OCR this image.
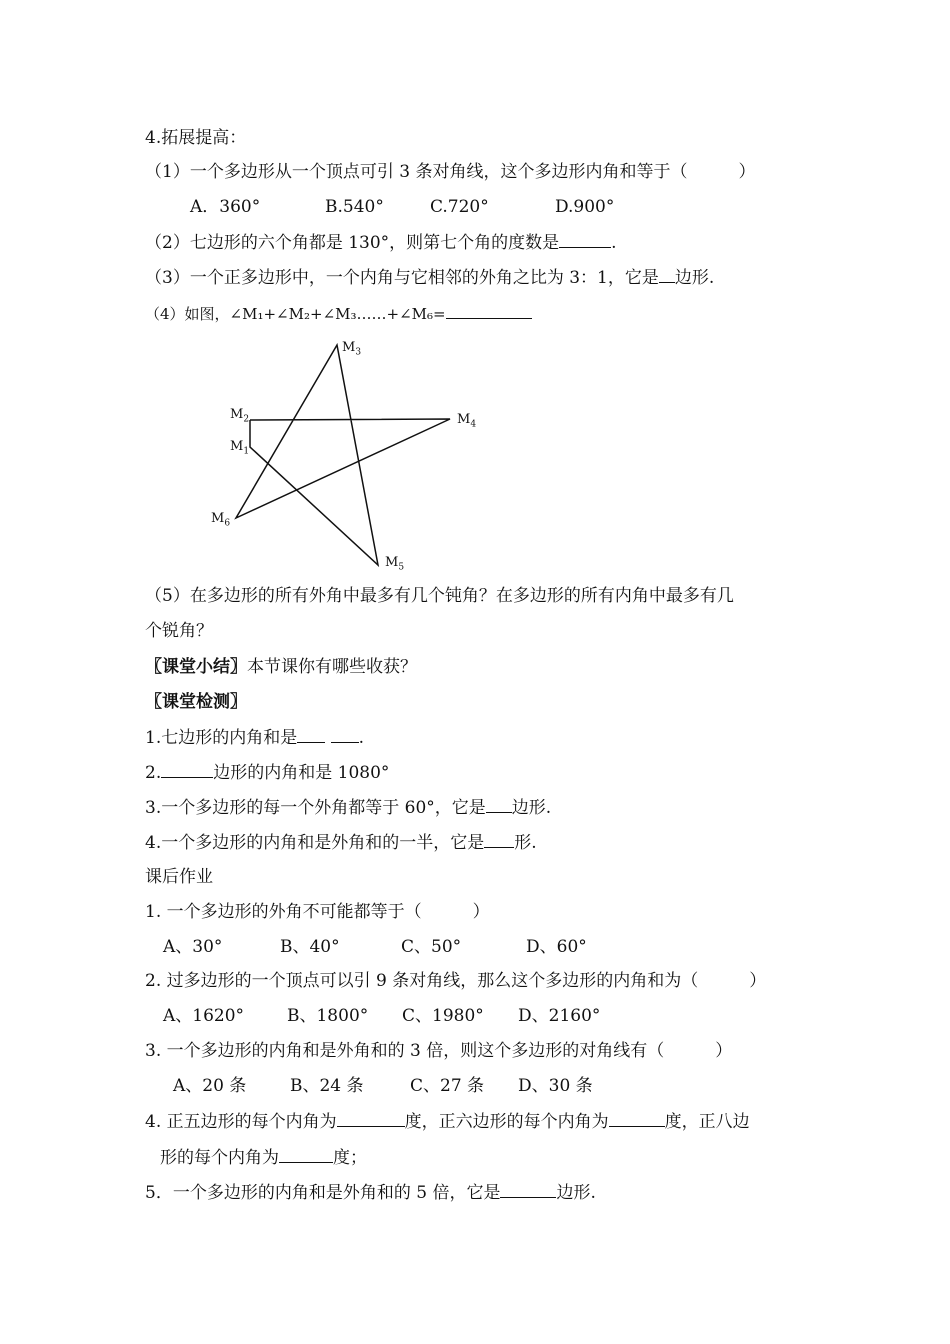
4.拓展提高：
（1）一个多边形从一个顶点可引 3 条对角线，这个多边形内角和等于（　　　）
A．360°	B.540°	C.720°	D.900°
（2）七边形的六个角都是 130°，则第七个角的度数是	.
（3）一个正多边形中，一个内角与它相邻的外角之比为 3：1，它是 边形.
（4）如图，∠M₁+∠M₂+∠M₃……+∠M₆=
$M_3$
$M_2$	$M_4$
$M_1$
$M_6$
$M_5$
（5）在多边形的所有外角中最多有几个钝角？在多边形的所有内角中最多有几
个锐角？
〖课堂小结〗本节课你有哪些收获？
〖课堂检测〗
1.七边形的内角和是	.
2.	边形的内角和是 1080°
3.一个多边形的每一个外角都等于 60°，它是 边形.
4.一个多边形的内角和是外角和的一半，它是 形.
课后作业
1. 一个多边形的外角不可能都等于（　　　）
A、30°	B、40°	C、50°	D、60°
2. 过多边形的一个顶点可以引 9 条对角线，那么这个多边形的内角和为（　　　）
A、1620°	B、1800° C、1980° D、2160°
3. 一个多边形的内角和是外角和的 3 倍，则这个多边形的对角线有（　　　）
A、20 条	B、24 条	C、27 条 D、30 条
4. 正五边形的每个内角为	度，正六边形的每个内角为	度，正八边
形的每个内角为	度；
5．一个多边形的内角和是外角和的 5 倍，它是	边形.
